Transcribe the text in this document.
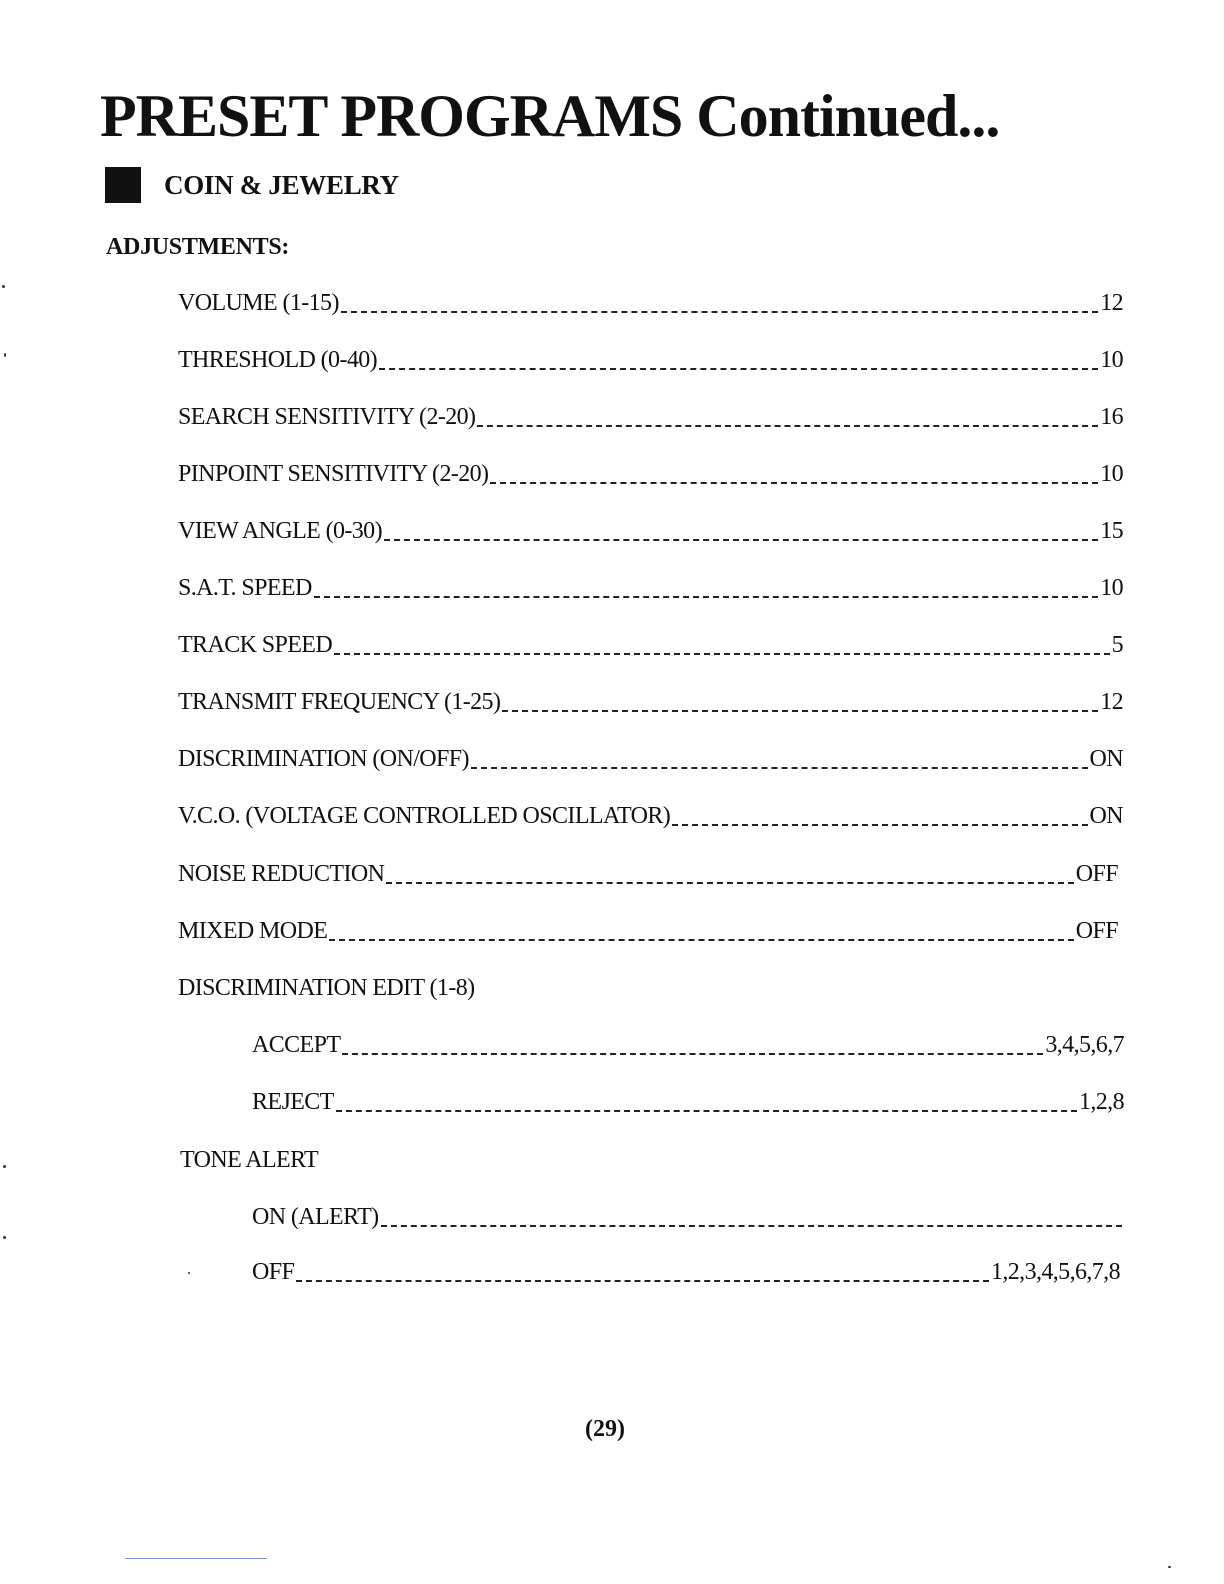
PRESET PROGRAMS Continued...
COIN & JEWELRY
ADJUSTMENTS:
VOLUME (1-15)	12
THRESHOLD (0-40)	10
SEARCH SENSITIVITY (2-20)	16
PINPOINT SENSITIVITY (2-20)	10
VIEW ANGLE (0-30)	15
S.A.T. SPEED	10
TRACK SPEED	5
TRANSMIT FREQUENCY (1-25)	12
DISCRIMINATION (ON/OFF)	ON
V.C.O. (VOLTAGE CONTROLLED OSCILLATOR)	ON
NOISE REDUCTION	OFF
MIXED MODE	OFF
DISCRIMINATION EDIT (1-8)
ACCEPT	3,4,5,6,7
REJECT	1,2,8
TONE ALERT
ON (ALERT)
OFF	1,2,3,4,5,6,7,8
(29)
